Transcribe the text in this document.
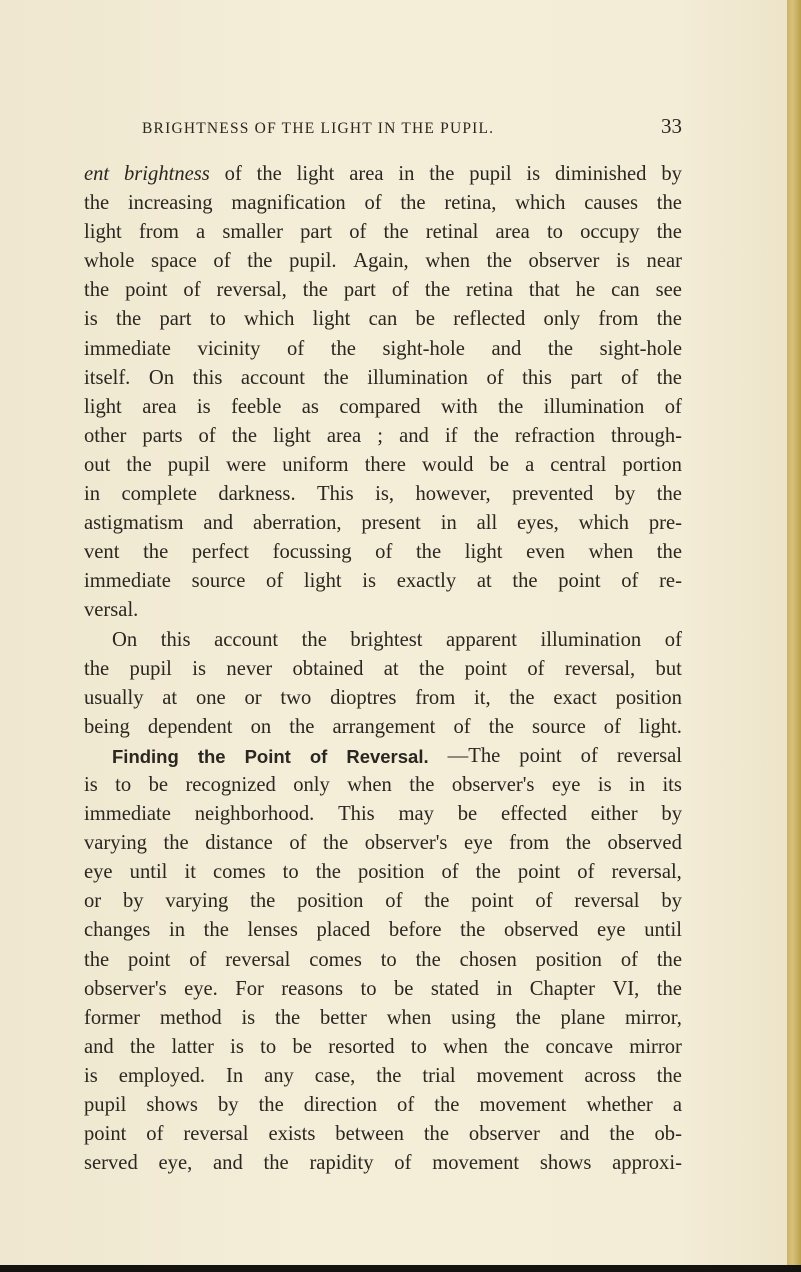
BRIGHTNESS OF THE LIGHT IN THE PUPIL.	33
ent brightness of the light area in the pupil is diminished by
the increasing magnification of the retina, which causes the
light from a smaller part of the retinal area to occupy the
whole space of the pupil. Again, when the observer is near
the point of reversal, the part of the retina that he can see
is the part to which light can be reflected only from the
immediate vicinity of the sight-hole and the sight-hole
itself. On this account the illumination of this part of the
light area is feeble as compared with the illumination of
other parts of the light area ; and if the refraction through-
out the pupil were uniform there would be a central portion
in complete darkness. This is, however, prevented by the
astigmatism and aberration, present in all eyes, which pre-
vent the perfect focussing of the light even when the
immediate source of light is exactly at the point of re-
versal.
On this account the brightest apparent illumination of
the pupil is never obtained at the point of reversal, but
usually at one or two dioptres from it, the exact position
being dependent on the arrangement of the source of light.
Finding the Point of Reversal. —The point of reversal
is to be recognized only when the observer's eye is in its
immediate neighborhood. This may be effected either by
varying the distance of the observer's eye from the observed
eye until it comes to the position of the point of reversal,
or by varying the position of the point of reversal by
changes in the lenses placed before the observed eye until
the point of reversal comes to the chosen position of the
observer's eye. For reasons to be stated in Chapter VI, the
former method is the better when using the plane mirror,
and the latter is to be resorted to when the concave mirror
is employed. In any case, the trial movement across the
pupil shows by the direction of the movement whether a
point of reversal exists between the observer and the ob-
served eye, and the rapidity of movement shows approxi-
